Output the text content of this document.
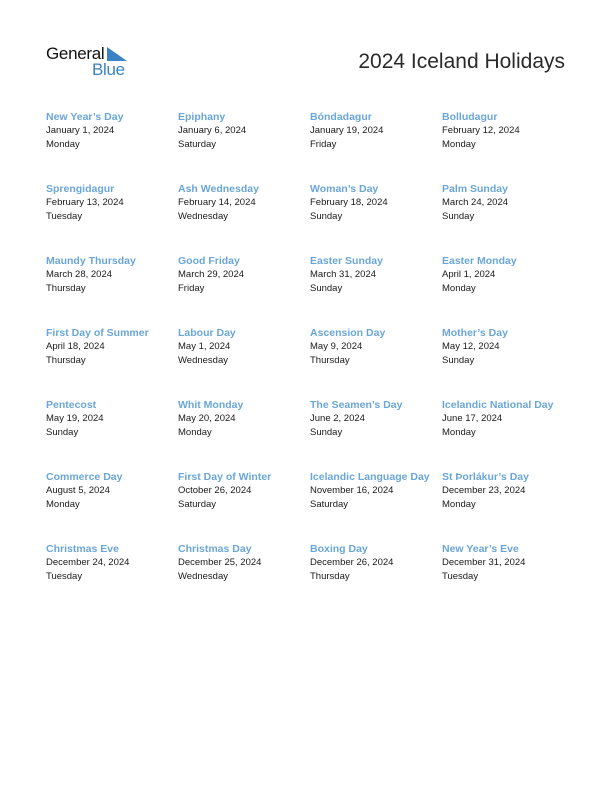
General
Blue	2024 Iceland Holidays
New Year’s Day
January 1, 2024
Monday
Epiphany
January 6, 2024
Saturday
Bóndadagur
January 19, 2024
Friday
Bolludagur
February 12, 2024
Monday
Sprengidagur
February 13, 2024
Tuesday
Ash Wednesday
February 14, 2024
Wednesday
Woman’s Day
February 18, 2024
Sunday
Palm Sunday
March 24, 2024
Sunday
Maundy Thursday
March 28, 2024
Thursday
Good Friday
March 29, 2024
Friday
Easter Sunday
March 31, 2024
Sunday
Easter Monday
April 1, 2024
Monday
First Day of Summer
April 18, 2024
Thursday
Labour Day
May 1, 2024
Wednesday
Ascension Day
May 9, 2024
Thursday
Mother’s Day
May 12, 2024
Sunday
Pentecost
May 19, 2024
Sunday
Whit Monday
May 20, 2024
Monday
The Seamen’s Day
June 2, 2024
Sunday
Icelandic National Day
June 17, 2024
Monday
Commerce Day
August 5, 2024
Monday
First Day of Winter
October 26, 2024
Saturday
Icelandic Language Day
November 16, 2024
Saturday
St Þorlákur’s Day
December 23, 2024
Monday
Christmas Eve
December 24, 2024
Tuesday
Christmas Day
December 25, 2024
Wednesday
Boxing Day
December 26, 2024
Thursday
New Year’s Eve
December 31, 2024
Tuesday
